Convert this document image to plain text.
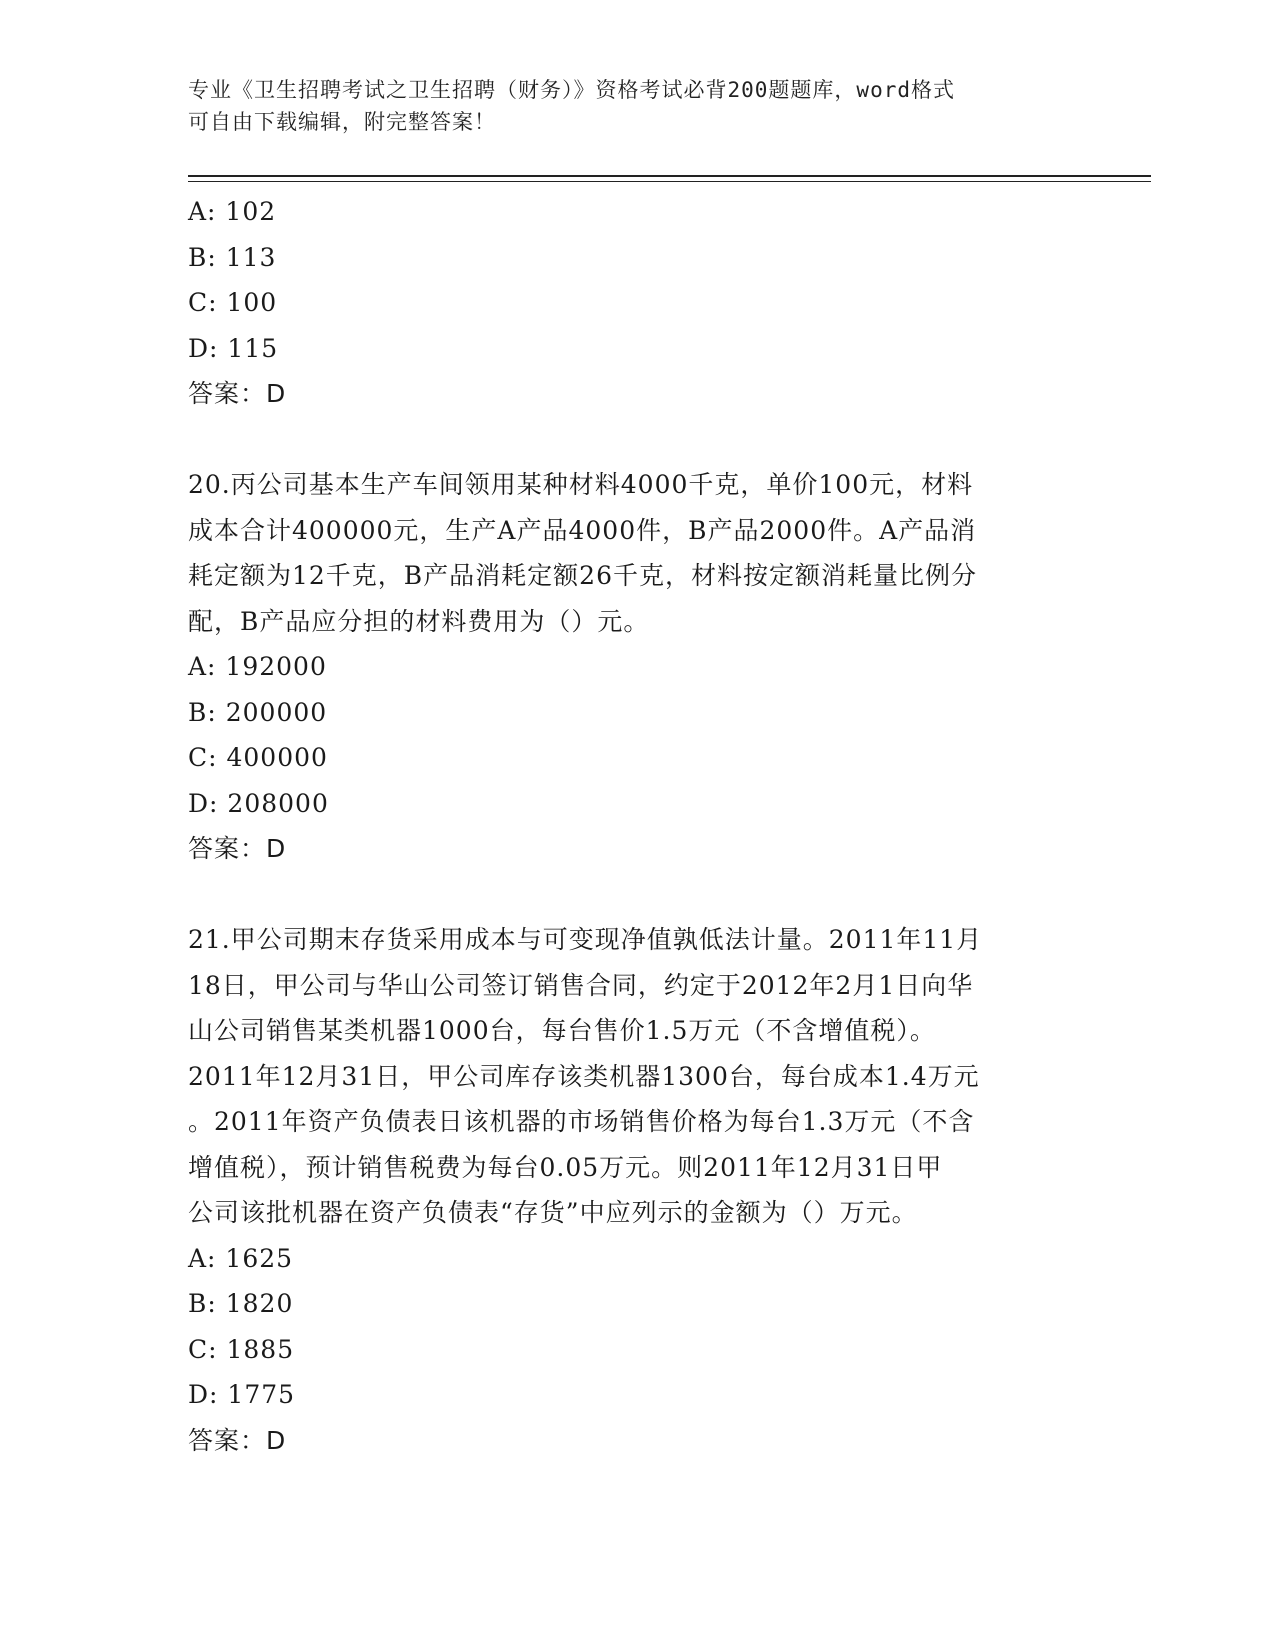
专业《卫生招聘考试之卫生招聘（财务）》资格考试必背200题题库，word格式
可自由下载编辑，附完整答案！
A: 102
B: 113
C: 100
D: 115
答案：D
20.丙公司基本生产车间领用某种材料4000千克，单价100元，材料
成本合计400000元，生产A产品4000件，B产品2000件。A产品消
耗定额为12千克，B产品消耗定额26千克，材料按定额消耗量比例分
配，B产品应分担的材料费用为（）元。
A: 192000
B: 200000
C: 400000
D: 208000
答案：D
21.甲公司期末存货采用成本与可变现净值孰低法计量。2011年11月
18日，甲公司与华山公司签订销售合同，约定于2012年2月1日向华
山公司销售某类机器1000台，每台售价1.5万元（不含增值税）。
2011年12月31日，甲公司库存该类机器1300台，每台成本1.4万元
。2011年资产负债表日该机器的市场销售价格为每台1.3万元（不含
增值税），预计销售税费为每台0.05万元。则2011年12月31日甲
公司该批机器在资产负债表“存货”中应列示的金额为（）万元。
A: 1625
B: 1820
C: 1885
D: 1775
答案：D
